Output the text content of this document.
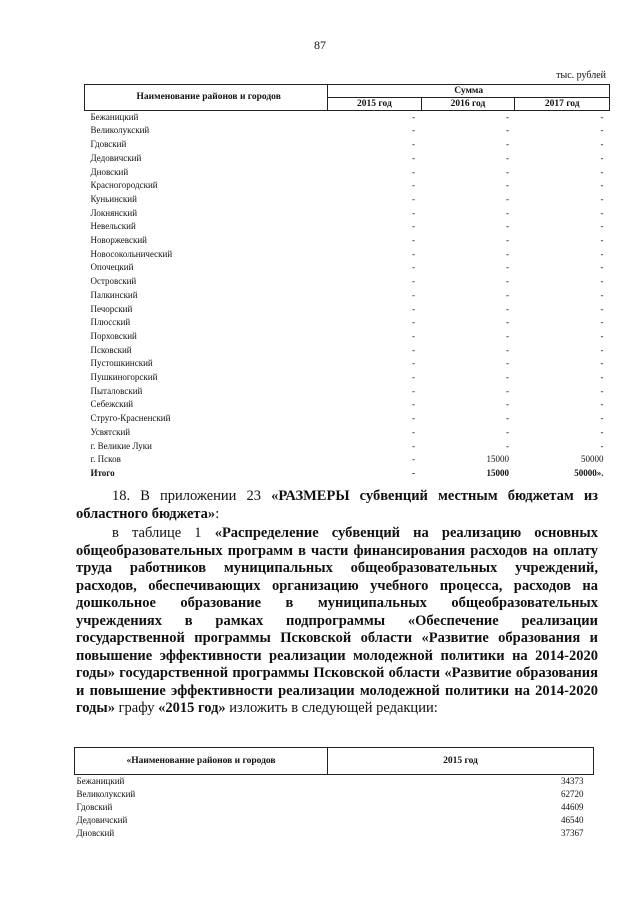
87
тыс. рублей

Наименование районов и городов	Сумма		
	2015 год	2016 год	2017 год
Бежаницкий	-	-	-
Великолукский	-	-	-
Гдовский	-	-	-
Дедовичский	-	-	-
Дновский	-	-	-
Красногородский	-	-	-
Куньинский	-	-	-
Локнянский	-	-	-
Невельский	-	-	-
Новоржевский	-	-	-
Новосокольнический	-	-	-
Опочецкий	-	-	-
Островский	-	-	-
Палкинский	-	-	-
Печорский	-	-	-
Плюсский	-	-	-
Порховский	-	-	-
Псковский	-	-	-
Пустошкинский	-	-	-
Пушкиногорский	-	-	-
Пыталовский	-	-	-
Себежский	-	-	-
Струго-Красненский	-	-	-
Усвятский	-	-	-
г. Великие Луки	-	-	-
г. Псков	-	15000	50000
Итого	-	15000	50000».
18. В приложении 23 «РАЗМЕРЫ субвенций местным бюджетам из областного бюджета»:
в таблице 1 «Распределение субвенций на реализацию основных общеобразовательных программ в части финансирования расходов на оплату труда работников муниципальных общеобразовательных учреждений, расходов, обеспечивающих организацию учебного процесса, расходов на дошкольное образование в муниципальных общеобразовательных учреждениях в рамках подпрограммы «Обеспечение реализации государственной программы Псковской области «Развитие образования и повышение эффективности реализации молодежной политики на 2014-2020 годы» государственной программы Псковской области «Развитие образования и повышение эффективности реализации молодежной политики на 2014-2020 годы» графу «2015 год» изложить в следующей редакции:
«Наименование районов и городов	2015 год
Бежаницкий	34373
Великолукский	62720
Гдовский	44609
Дедовичский	46540
Дновский	37367
